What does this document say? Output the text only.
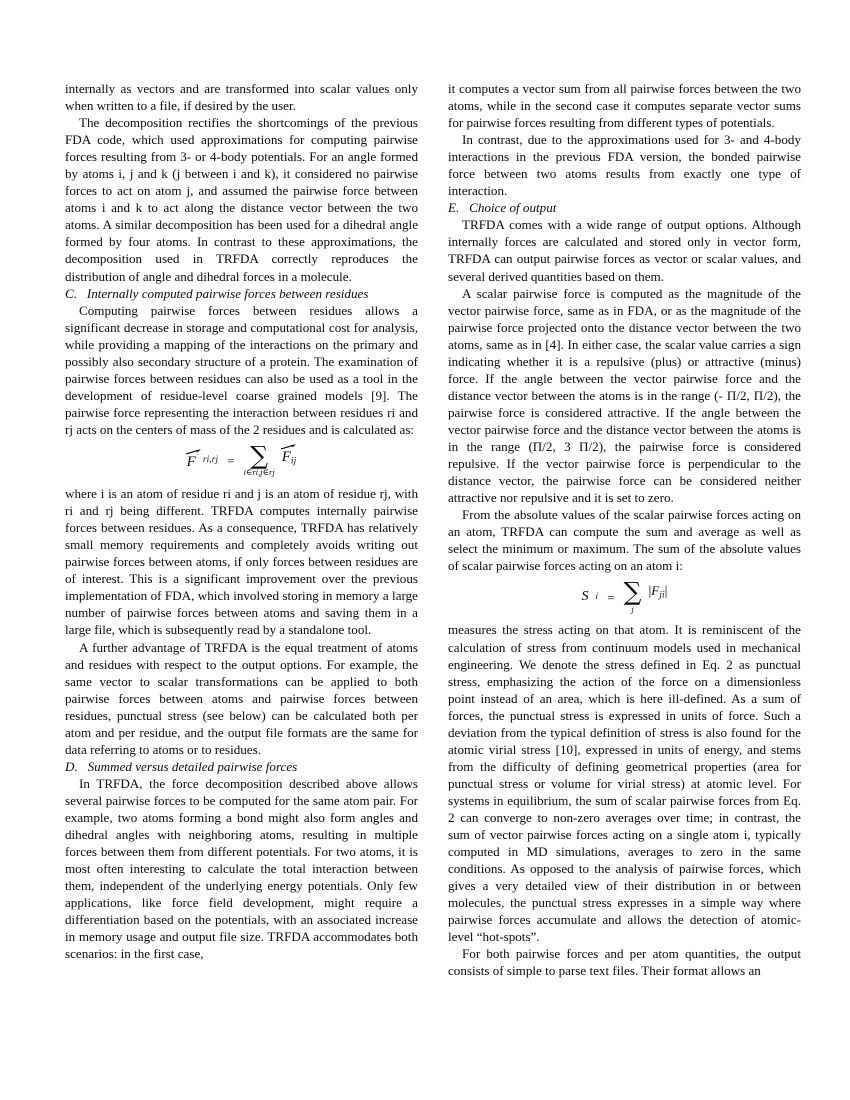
internally as vectors and are transformed into scalar values only when written to a file, if desired by the user.

The decomposition rectifies the shortcomings of the previous FDA code, which used approximations for computing pairwise forces resulting from 3- or 4-body potentials. For an angle formed by atoms i, j and k (j between i and k), it considered no pairwise forces to act on atom j, and assumed the pairwise force between atoms i and k to act along the distance vector between the two atoms. A similar decomposition has been used for a dihedral angle formed by four atoms. In contrast to these approximations, the decomposition used in TRFDA correctly reproduces the distribution of angle and dihedral forces in a molecule.

C. Internally computed pairwise forces between residues

Computing pairwise forces between residues allows a significant decrease in storage and computational cost for analysis, while providing a mapping of the interactions on the primary and possibly also secondary structure of a protein. The examination of pairwise forces between residues can also be used as a tool in the development of residue-level coarse grained models [9]. The pairwise force representing the interaction between residues ri and rj acts on the centers of mass of the 2 residues and is calculated as:

F ri,rj = ∑
i∈ri,j∈rj
$F_{ij}$

where i is an atom of residue ri and j is an atom of residue rj, with ri and rj being different. TRFDA computes internally pairwise forces between residues. As a consequence, TRFDA has relatively small memory requirements and completely avoids writing out pairwise forces between atoms, if only forces between residues are of interest. This is a significant improvement over the previous implementation of FDA, which involved storing in memory a large number of pairwise forces between atoms and saving them in a large file, which is subsequently read by a standalone tool.

A further advantage of TRFDA is the equal treatment of atoms and residues with respect to the output options. For example, the same vector to scalar transformations can be applied to both pairwise forces between atoms and pairwise forces between residues, punctual stress (see below) can be calculated both per atom and per residue, and the output file formats are the same for data referring to atoms or to residues.

D. Summed versus detailed pairwise forces

In TRFDA, the force decomposition described above allows several pairwise forces to be computed for the same atom pair. For example, two atoms forming a bond might also form angles and dihedral angles with neighboring atoms, resulting in multiple forces between them from different potentials. For two atoms, it is most often interesting to calculate the total interaction between them, independent of the underlying energy potentials. Only few applications, like force field development, might require a differentiation based on the potentials, with an associated increase in memory usage and output file size. TRFDA accommodates both scenarios: in the first case,

it computes a vector sum from all pairwise forces between the two atoms, while in the second case it computes separate vector sums for pairwise forces resulting from different types of potentials.

In contrast, due to the approximations used for 3- and 4-body interactions in the previous FDA version, the bonded pairwise force between two atoms results from exactly one type of interaction.

E. Choice of output

TRFDA comes with a wide range of output options. Although internally forces are calculated and stored only in vector form, TRFDA can output pairwise forces as vector or scalar values, and several derived quantities based on them.

A scalar pairwise force is computed as the magnitude of the vector pairwise force, same as in FDA, or as the magnitude of the pairwise force projected onto the distance vector between the two atoms, same as in [4]. In either case, the scalar value carries a sign indicating whether it is a repulsive (plus) or attractive (minus) force. If the angle between the vector pairwise force and the distance vector between the atoms is in the range (- Π/2, Π/2), the pairwise force is considered attractive. If the angle between the vector pairwise force and the distance vector between the atoms is in the range (Π/2, 3 Π/2), the pairwise force is considered repulsive. If the vector pairwise force is perpendicular to the distance vector, the pairwise force can be considered neither attractive nor repulsive and it is set to zero.

From the absolute values of the scalar pairwise forces acting on an atom, TRFDA can compute the sum and average as well as select the minimum or maximum. The sum of the absolute values of scalar pairwise forces acting on an atom i:

S i = ∑
j
$|F_{ji}|$

measures the stress acting on that atom. It is reminiscent of the calculation of stress from continuum models used in mechanical engineering. We denote the stress defined in Eq. 2 as punctual stress, emphasizing the action of the force on a dimensionless point instead of an area, which is here ill-defined. As a sum of forces, the punctual stress is expressed in units of force. Such a deviation from the typical definition of stress is also found for the atomic virial stress [10], expressed in units of energy, and stems from the difficulty of defining geometrical properties (area for punctual stress or volume for virial stress) at atomic level. For systems in equilibrium, the sum of scalar pairwise forces from Eq. 2 can converge to non-zero averages over time; in contrast, the sum of vector pairwise forces acting on a single atom i, typically computed in MD simulations, averages to zero in the same conditions. As opposed to the analysis of pairwise forces, which gives a very detailed view of their distribution in or between molecules, the punctual stress expresses in a simple way where pairwise forces accumulate and allows the detection of atomic-level “hot-spots”.

For both pairwise forces and per atom quantities, the output consists of simple to parse text files. Their format allows an
